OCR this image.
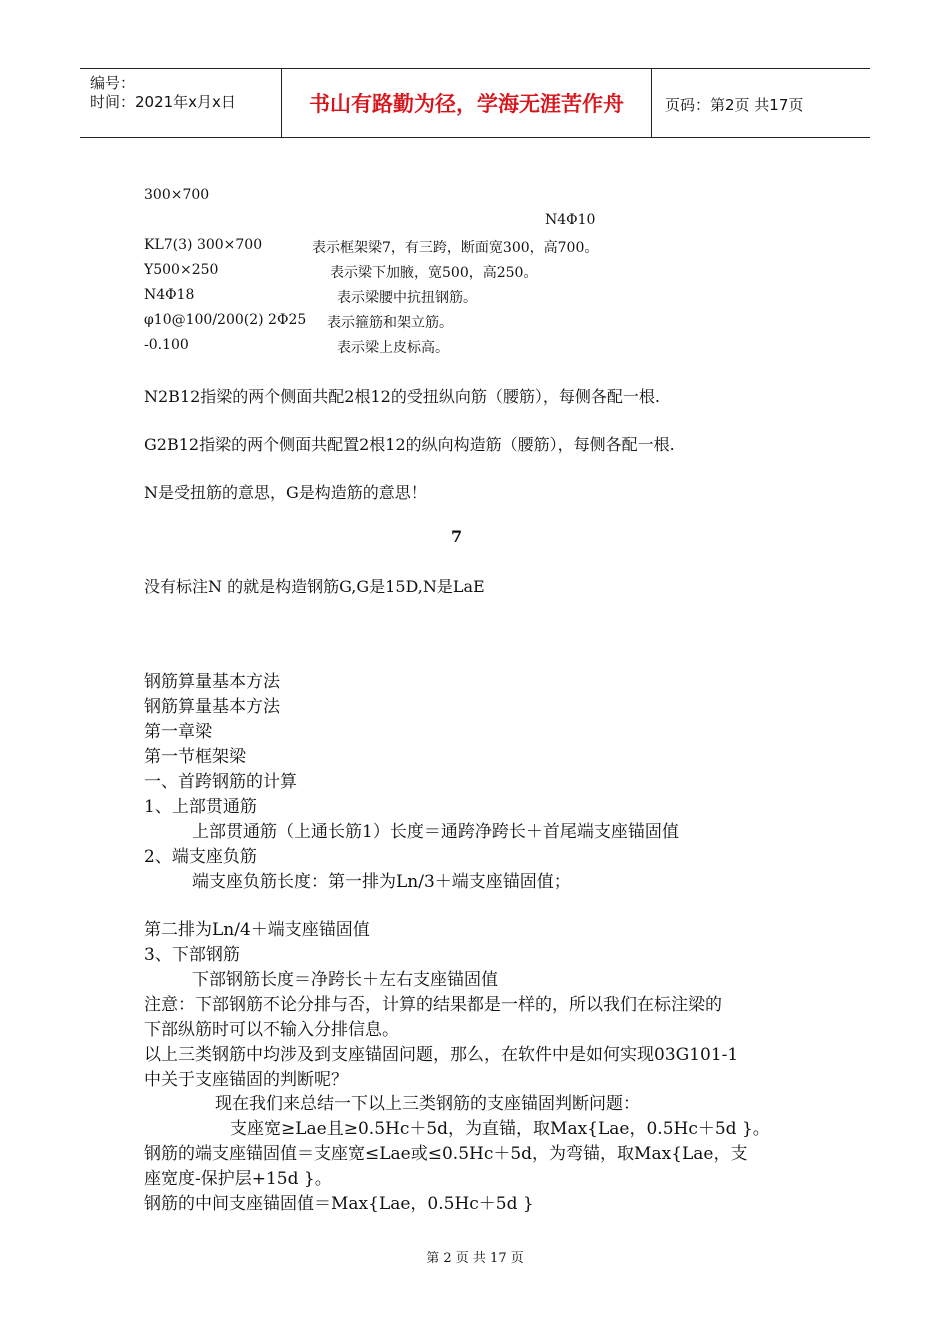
编号：
时间：2021年x月x日	书山有路勤为径，学海无涯苦作舟	页码：第2页 共17页
300×700
N4Φ10
KL7(3) 300×700	表示框架梁7，有三跨，断面宽300，高700。
Y500×250	表示梁下加腋，宽500，高250。
N4Φ18	表示梁腰中抗扭钢筋。
φ10@100/200(2) 2Φ25 表示箍筋和架立筋。
-0.100	表示梁上皮标高。
N2B12指梁的两个侧面共配2根12的受扭纵向筋（腰筋），每侧各配一根.
G2B12指梁的两个侧面共配置2根12的纵向构造筋（腰筋），每侧各配一根.
N是受扭筋的意思，G是构造筋的意思！
7
没有标注N 的就是构造钢筋G,G是15D,N是LaE
钢筋算量基本方法
钢筋算量基本方法
第一章梁
第一节框架梁
一、首跨钢筋的计算
1、上部贯通筋
上部贯通筋（上通长筋1）长度＝通跨净跨长＋首尾端支座锚固值
2、端支座负筋
端支座负筋长度：第一排为Ln/3＋端支座锚固值；
第二排为Ln/4＋端支座锚固值
3、下部钢筋
下部钢筋长度＝净跨长＋左右支座锚固值
注意：下部钢筋不论分排与否，计算的结果都是一样的，所以我们在标注梁的
下部纵筋时可以不输入分排信息。
以上三类钢筋中均涉及到支座锚固问题，那么，在软件中是如何实现03G101-1
中关于支座锚固的判断呢？
现在我们来总结一下以上三类钢筋的支座锚固判断问题：
支座宽≥Lae且≥0.5Hc＋5d，为直锚，取Max{Lae，0.5Hc＋5d }。
钢筋的端支座锚固值＝支座宽≤Lae或≤0.5Hc＋5d，为弯锚，取Max{Lae，支
座宽度-保护层+15d }。
钢筋的中间支座锚固值＝Max{Lae，0.5Hc＋5d }
第 2 页 共 17 页
